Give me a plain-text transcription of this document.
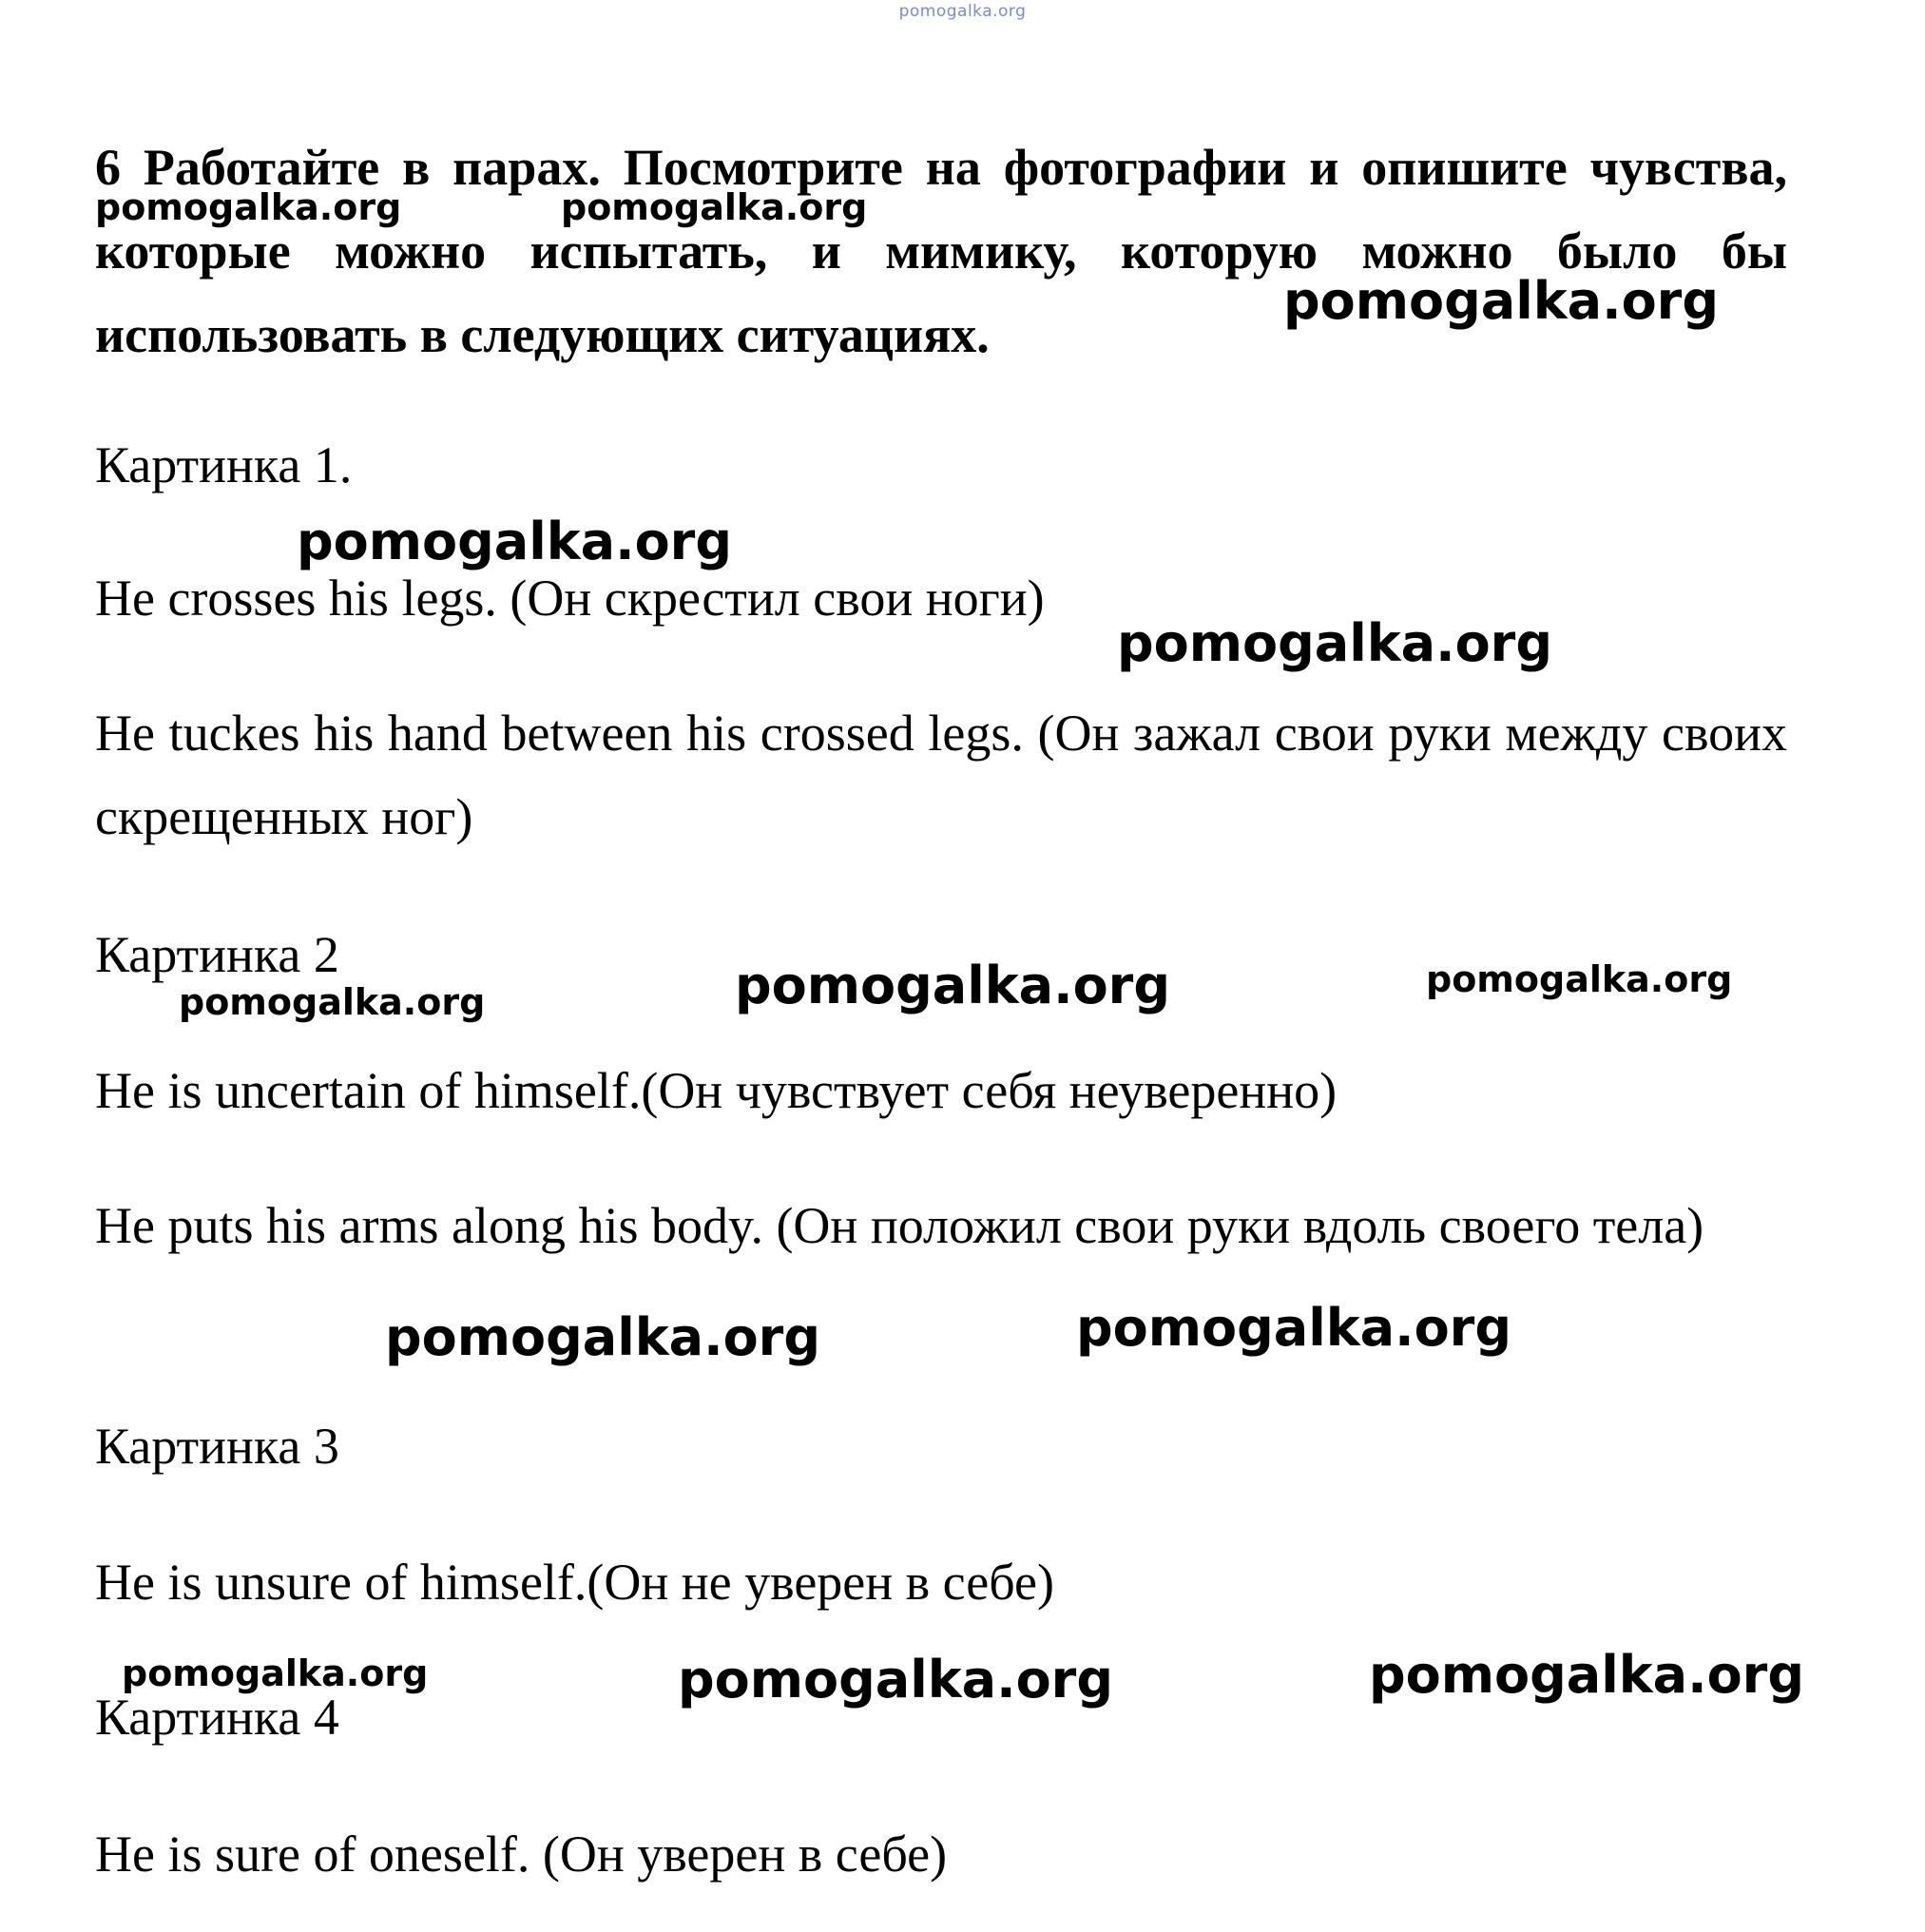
pomogalka.org
6 Работайте в парах. Посмотрите на фотографии и опишите чувства, которые можно испытать, и мимику, которую можно было бы использовать в следующих ситуациях.
Картинка 1.
He crosses his legs. (Он скрестил свои ноги)
He tuckes his hand between his crossed legs. (Он зажал свои руки между своих скрещенных ног)
Картинка 2
He is uncertain of himself.(Он чувствует себя неуверенно)
He puts his arms along his body. (Он положил свои руки вдоль своего тела)
Картинка 3
He is unsure of himself.(Он не уверен в себе)
Картинка 4
He is sure of oneself. (Он уверен в себе)
pomogalka.org	pomogalka.org
pomogalka.org
pomogalka.org
pomogalka.org
pomogalka.org	pomogalka.org	pomogalka.org
pomogalka.org	pomogalka.org
pomogalka.org	pomogalka.org	pomogalka.org
